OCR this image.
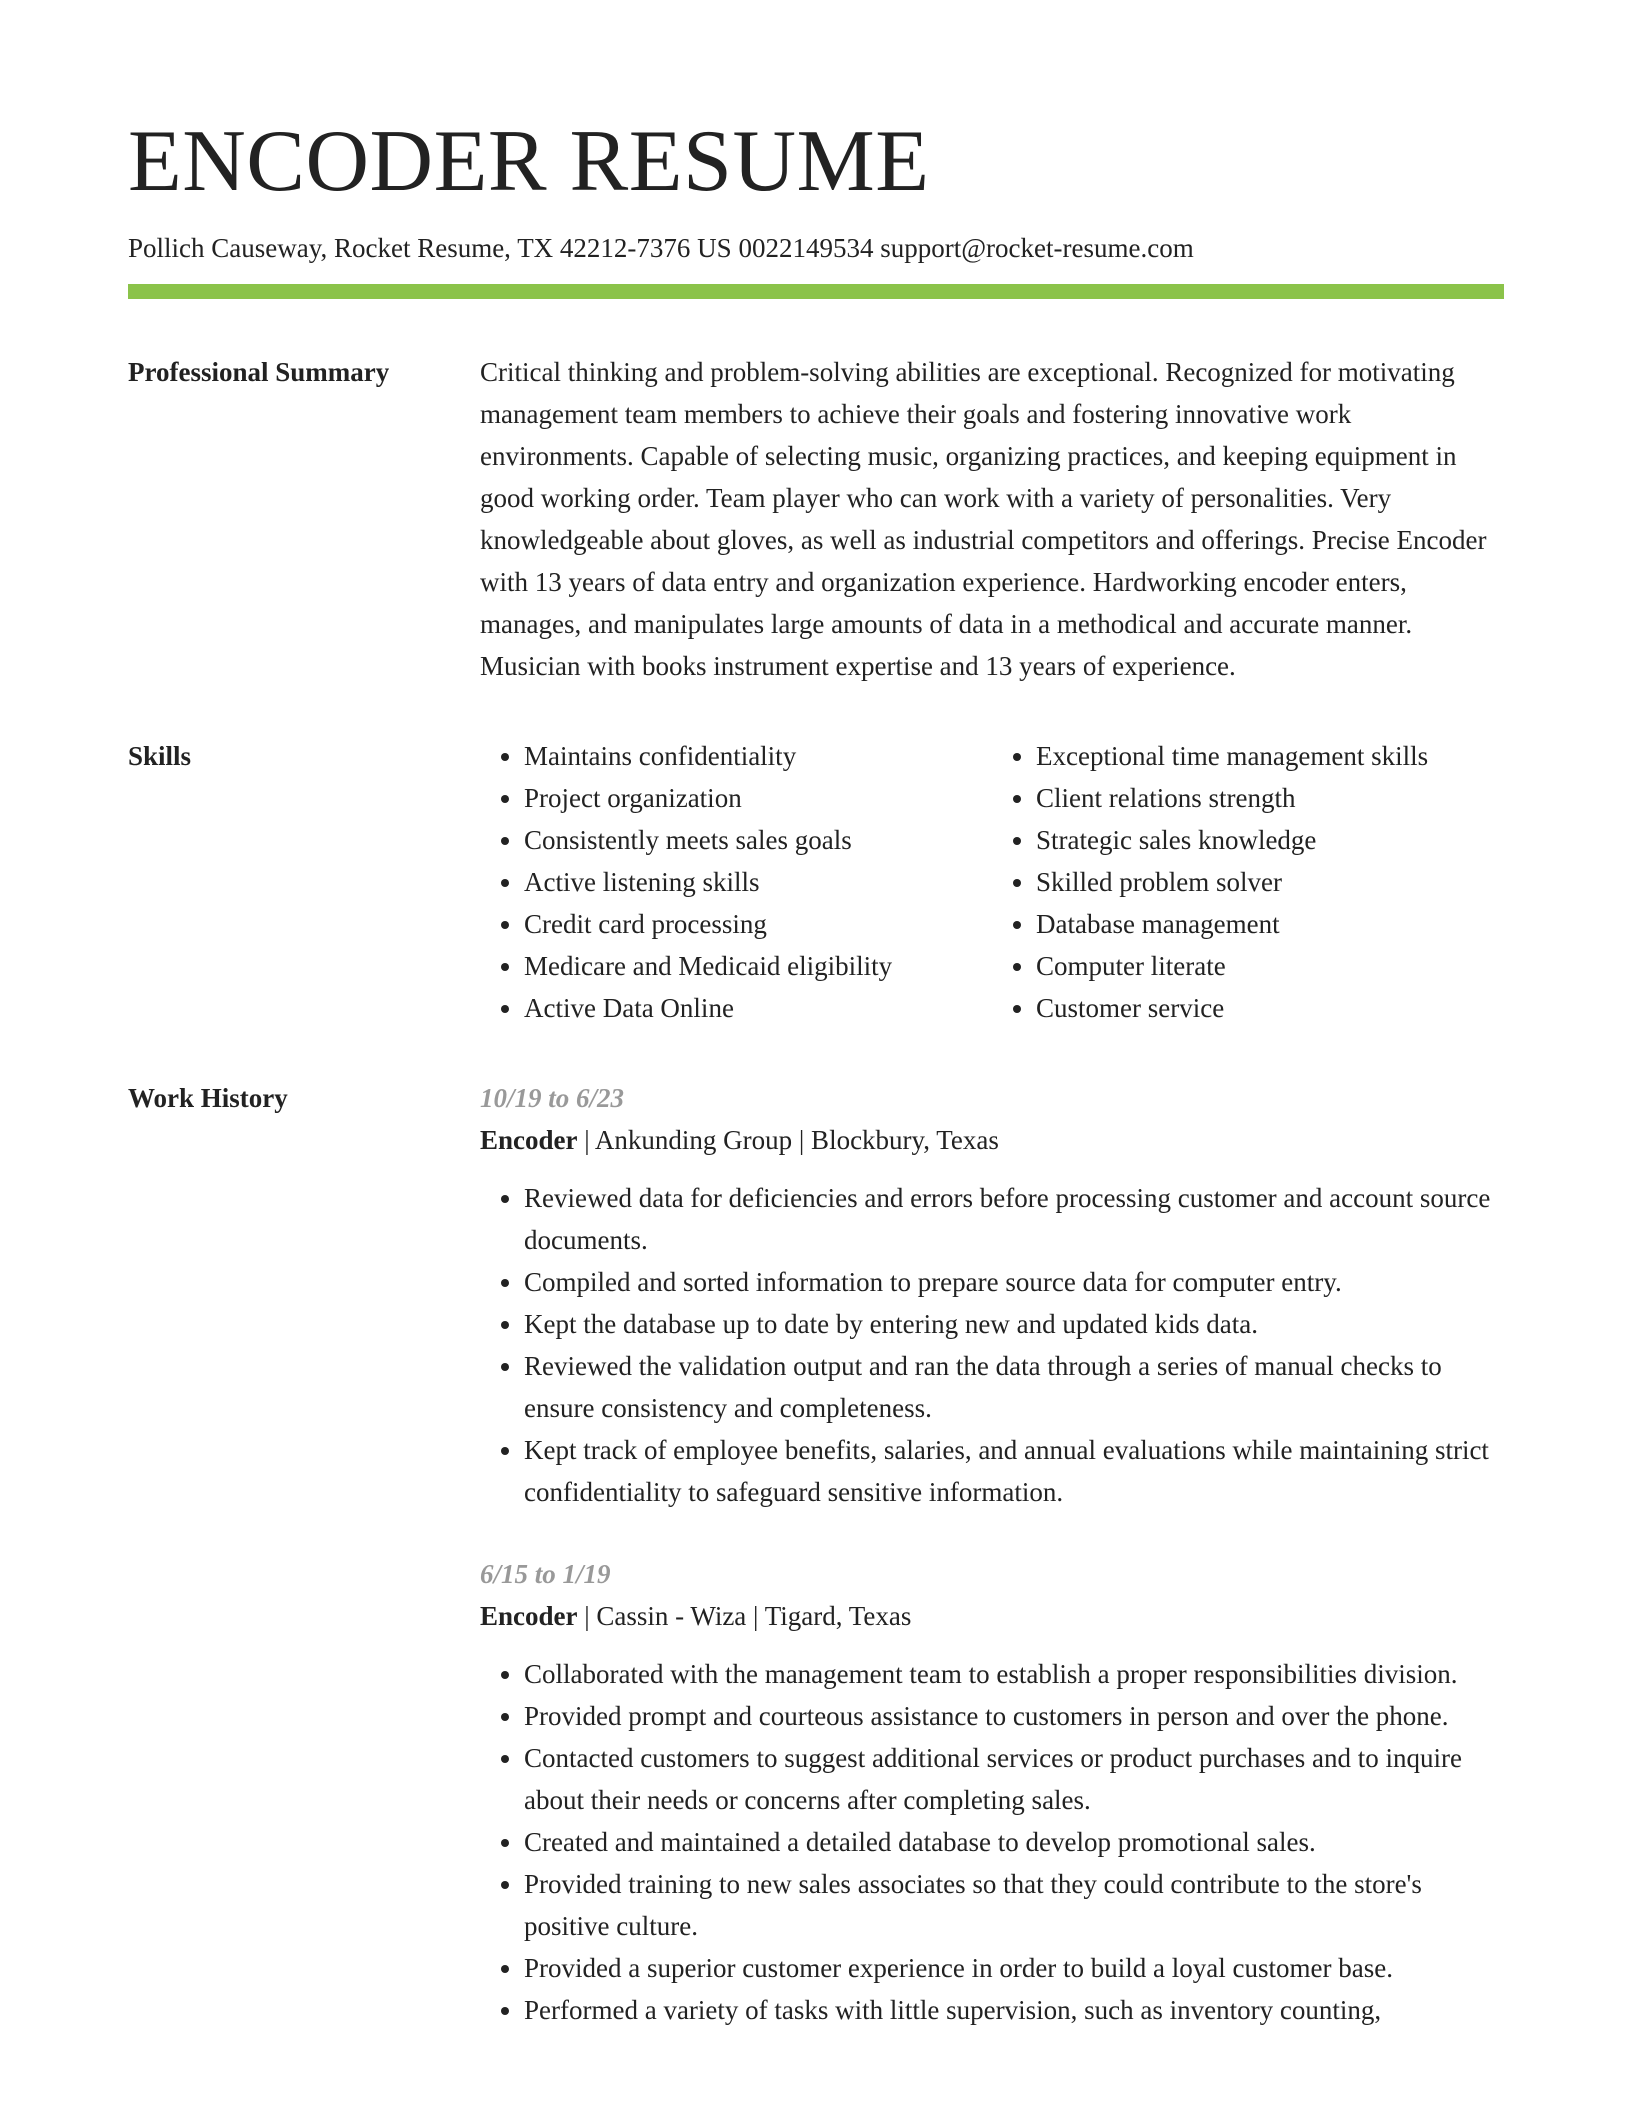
ENCODER RESUME
Pollich Causeway, Rocket Resume, TX 42212-7376 US 0022149534 support@rocket-resume.com
Professional Summary	Critical thinking and problem-solving abilities are exceptional. Recognized for motivating management team members to achieve their goals and fostering innovative work environments. Capable of selecting music, organizing practices, and keeping equipment in good working order. Team player who can work with a variety of personalities. Very knowledgeable about gloves, as well as industrial competitors and offerings. Precise Encoder with 13 years of data entry and organization experience. Hardworking encoder enters, manages, and manipulates large amounts of data in a methodical and accurate manner. Musician with books instrument expertise and 13 years of experience.

Skills
•	Maintains confidentiality
• Project organization
• Consistently meets sales goals
• Active listening skills
• Credit card processing
• Medicare and Medicaid eligibility
• Active Data Online
• Exceptional time management skills
• Client relations strength
• Strategic sales knowledge
• Skilled problem solver
• Database management
• Computer literate
• Customer service
Work History	10/19 to 6/23
Encoder | Ankunding Group | Blockbury, Texas
• Reviewed data for deficiencies and errors before processing customer and account source documents.
• Compiled and sorted information to prepare source data for computer entry.
• Kept the database up to date by entering new and updated kids data.
• Reviewed the validation output and ran the data through a series of manual checks to ensure consistency and completeness.
• Kept track of employee benefits, salaries, and annual evaluations while maintaining strict confidentiality to safeguard sensitive information.
6/15 to 1/19
Encoder | Cassin - Wiza | Tigard, Texas
• Collaborated with the management team to establish a proper responsibilities division.
• Provided prompt and courteous assistance to customers in person and over the phone.
• Contacted customers to suggest additional services or product purchases and to inquire about their needs or concerns after completing sales.
• Created and maintained a detailed database to develop promotional sales.
• Provided training to new sales associates so that they could contribute to the store's positive culture.
• Provided a superior customer experience in order to build a loyal customer base.
• Performed a variety of tasks with little supervision, such as inventory counting,
